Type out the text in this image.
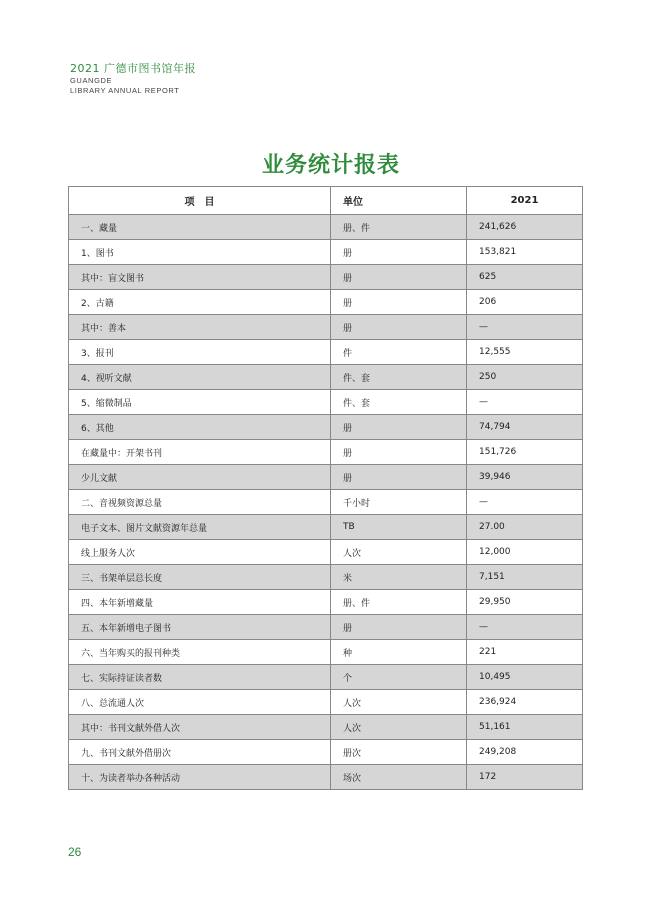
2021 广德市图书馆年报
GUANGDE
LIBRARY ANNUAL REPORT
业务统计报表
项　目	单位	2021
一、藏量	册、件	241,626
1、图书	册	153,821
其中：盲文图书	册	625
2、古籍	册	206
其中：善本	册	—
3、报刊	件	12,555
4、视听文献	件、套	250
5、缩微制品	件、套	—
6、其他	册	74,794
在藏量中：开架书刊	册	151,726
少儿文献	册	39,946
二、音视频资源总量	千小时	—
电子文本、图片文献资源年总量	TB	27.00
线上服务人次	人次	12,000
三、书架单层总长度	米	7,151
四、本年新增藏量	册、件	29,950
五、本年新增电子图书	册	—
六、当年购买的报刊种类	种	221
七、实际持证读者数	个	10,495
八、总流通人次	人次	236,924
其中：书刊文献外借人次	人次	51,161
九、书刊文献外借册次	册次	249,208
十、为读者举办各种活动	场次	172
26
